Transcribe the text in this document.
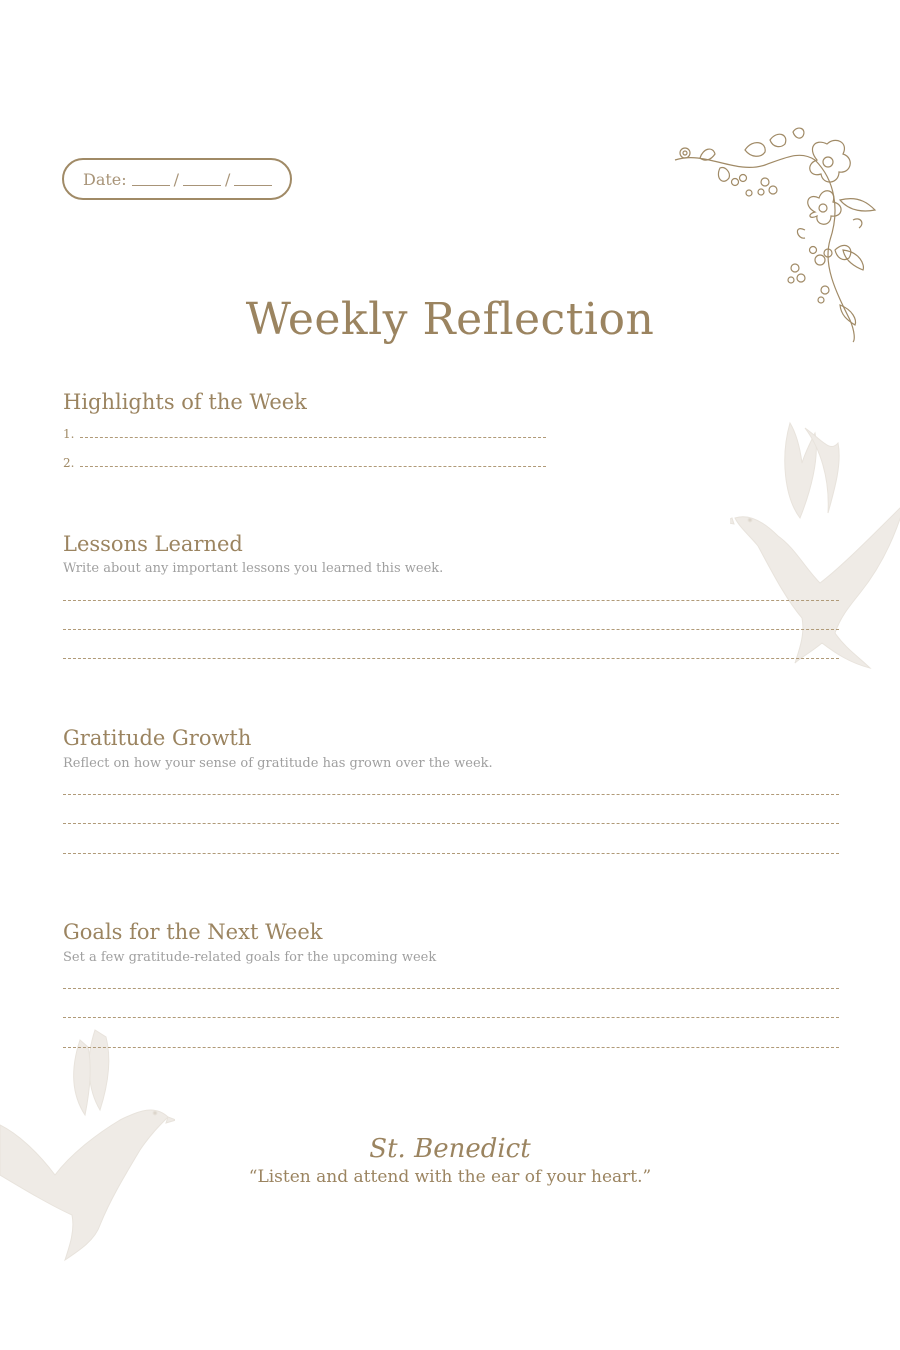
Date:	/	/
Weekly Reflection
Highlights of the Week
1.
2.
Lessons Learned
Write about any important lessons you learned this week.
Gratitude Growth
Reflect on how your sense of gratitude has grown over the week.
Goals for the Next Week
Set a few gratitude-related goals for the upcoming week
St. Benedict
“Listen and attend with the ear of your heart.”
